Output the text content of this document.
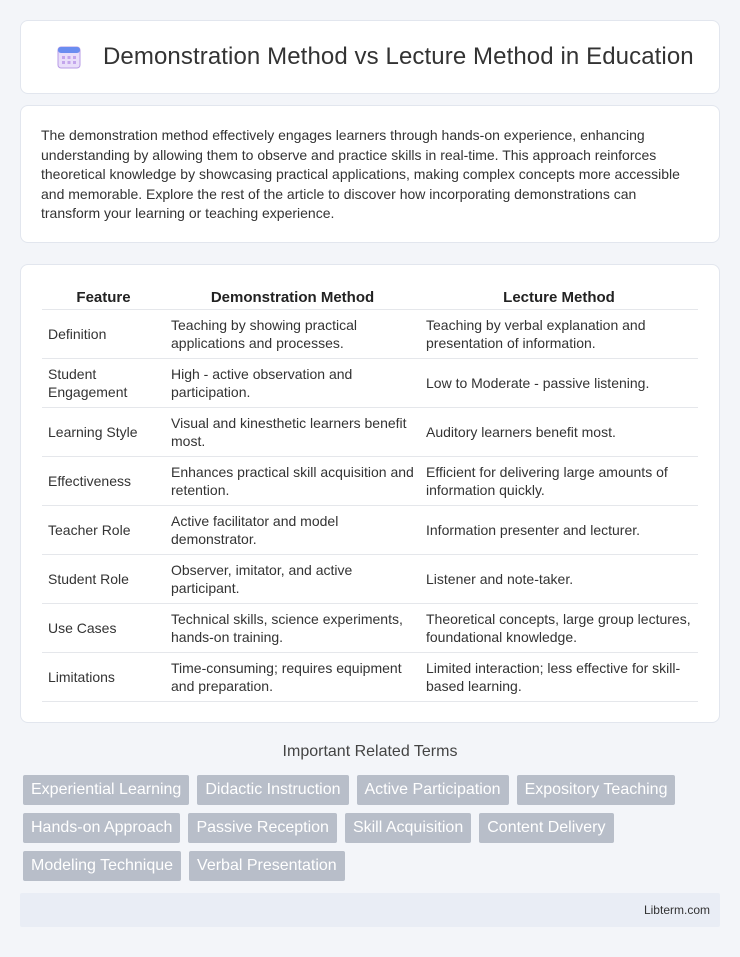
Demonstration Method vs Lecture Method in Education

The demonstration method effectively engages learners through hands-on experience, enhancing understanding by allowing them to observe and practice skills in real-time. This approach reinforces theoretical knowledge by showcasing practical applications, making complex concepts more accessible and memorable. Explore the rest of the article to discover how incorporating demonstrations can transform your learning or teaching experience.

Feature	Demonstration Method	Lecture Method
Definition	Teaching by showing practical applications and processes.	Teaching by verbal explanation and presentation of information.
Student Engagement	High - active observation and participation.	Low to Moderate - passive listening.
Learning Style	Visual and kinesthetic learners benefit most.	Auditory learners benefit most.
Effectiveness	Enhances practical skill acquisition and retention.	Efficient for delivering large amounts of information quickly.
Teacher Role	Active facilitator and model demonstrator.	Information presenter and lecturer.
Student Role	Observer, imitator, and active participant.	Listener and note-taker.
Use Cases	Technical skills, science experiments, hands-on training.	Theoretical concepts, large group lectures, foundational knowledge.
Limitations	Time-consuming; requires equipment and preparation.	Limited interaction; less effective for skill-based learning.
Important Related Terms
Experiential Learning	Didactic Instruction	Active Participation	Expository Teaching
Hands-on Approach	Passive Reception	Skill Acquisition	Content Delivery
Modeling Technique	Verbal Presentation
Libterm.com
